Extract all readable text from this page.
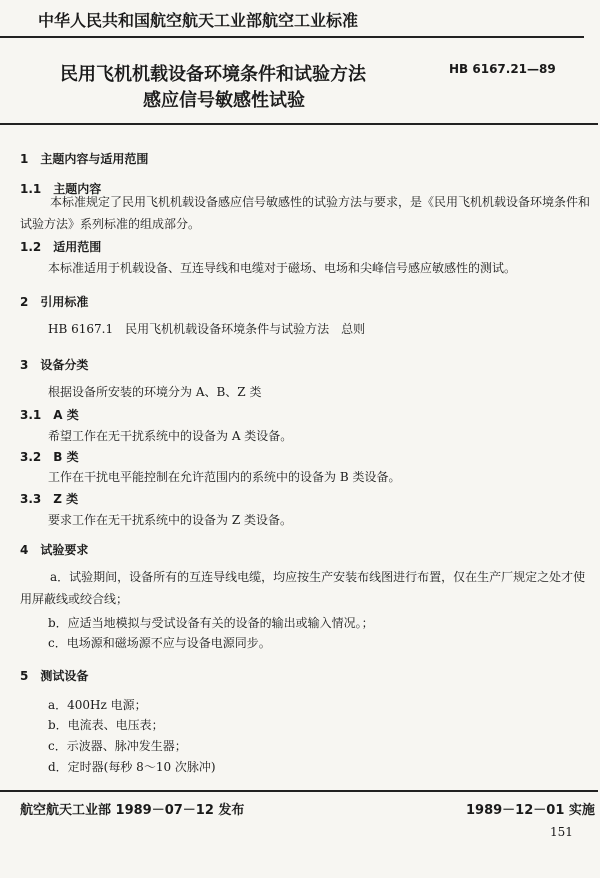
中华人民共和国航空航天工业部航空工业标准
民用飞机机载设备环境条件和试验方法
感应信号敏感性试验
HB 6167.21—89
1　主题内容与适用范围
1.1　主题内容
本标准规定了民用飞机机载设备感应信号敏感性的试验方法与要求，是《民用飞机机载设备环境条件和试验方法》系列标准的组成部分。
1.2　适用范围
本标准适用于机载设备、互连导线和电缆对于磁场、电场和尖峰信号感应敏感性的测试。
2　引用标准
HB 6167.1　民用飞机机载设备环境条件与试验方法　总则
3　设备分类
根据设备所安装的环境分为 A、B、Z 类
3.1　A 类
希望工作在无干扰系统中的设备为 A 类设备。
3.2　B 类
工作在干扰电平能控制在允许范围内的系统中的设备为 B 类设备。
3.3　Z 类
要求工作在无干扰系统中的设备为 Z 类设备。
4　试验要求
a．试验期间，设备所有的互连导线电缆，均应按生产安装布线图进行布置，仅在生产厂规定之处才使用屏蔽线或绞合线；
b．应适当地模拟与受试设备有关的设备的输出或输入情况。；
c．电场源和磁场源不应与设备电源同步。
5　测试设备
a．400Hz 电源；
b．电流表、电压表；
c．示波器、脉冲发生器；
d．定时器(每秒 8～10 次脉冲)
航空航天工业部 1989－07－12 发布	1989－12－01 实施
151
